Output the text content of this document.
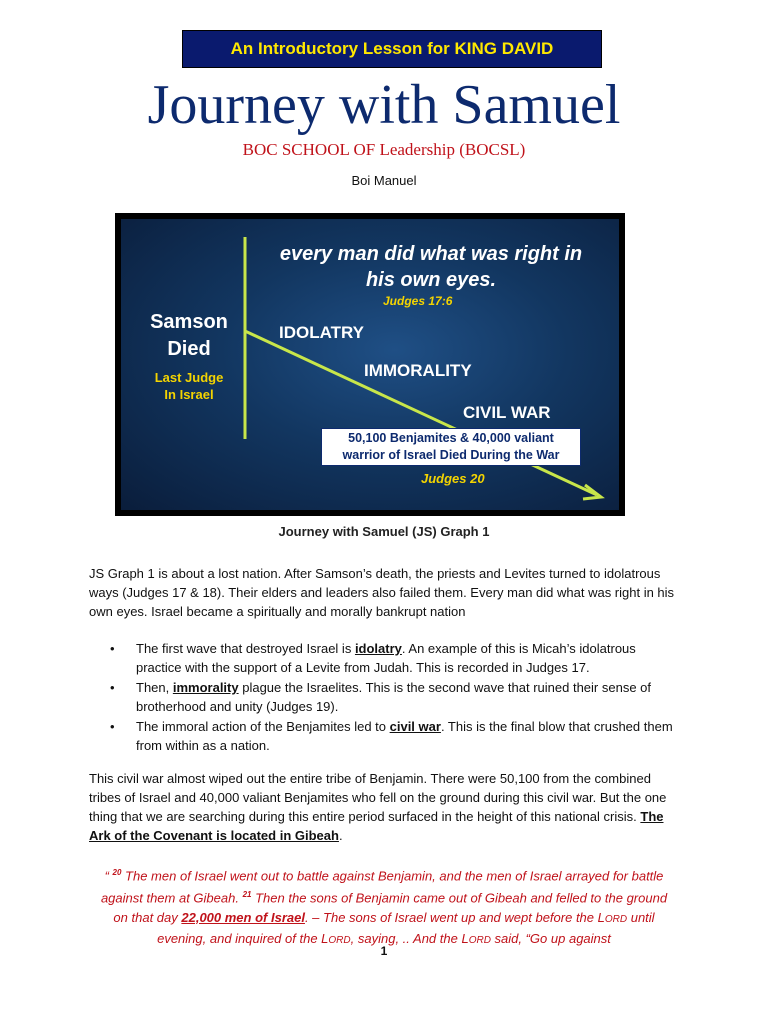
An Introductory Lesson for KING DAVID
Journey with Samuel
BOC SCHOOL OF Leadership (BOCSL)
Boi Manuel
every man did what was right in
his own eyes.
Judges 17:6
Samson
Died
Last Judge
In Israel
IDOLATRY
IMMORALITY
CIVIL WAR
50,100 Benjamites & 40,000 valiant
warrior of Israel Died During the War
Judges 20
Journey with Samuel (JS) Graph 1

JS Graph 1 is about a lost nation. After Samson’s death, the priests and Levites turned to idolatrous ways (Judges 17 & 18). Their elders and leaders also failed them. Every man did what was right in his own eyes. Israel became a spiritually and morally bankrupt nation

• The first wave that destroyed Israel is idolatry. An example of this is Micah’s idolatrous practice with the support of a Levite from Judah. This is recorded in Judges 17.
• Then, immorality plague the Israelites. This is the second wave that ruined their sense of brotherhood and unity (Judges 19).
• The immoral action of the Benjamites led to civil war. This is the final blow that crushed them from within as a nation.

This civil war almost wiped out the entire tribe of Benjamin. There were 50,100 from the combined tribes of Israel and 40,000 valiant Benjamites who fell on the ground during this civil war. But the one thing that we are searching during this entire period surfaced in the height of this national crisis. The Ark of the Covenant is located in Gibeah.

“ $^{20}$ The men of Israel went out to battle against Benjamin, and the men of Israel arrayed for battle against them at Gibeah. $^{21}$ Then the sons of Benjamin came out of Gibeah and felled to the ground on that day 22,000 men of Israel. – The sons of Israel went up and wept before the LORD until evening, and inquired of the LORD, saying, .. And the LORD said, “Go up against

1
